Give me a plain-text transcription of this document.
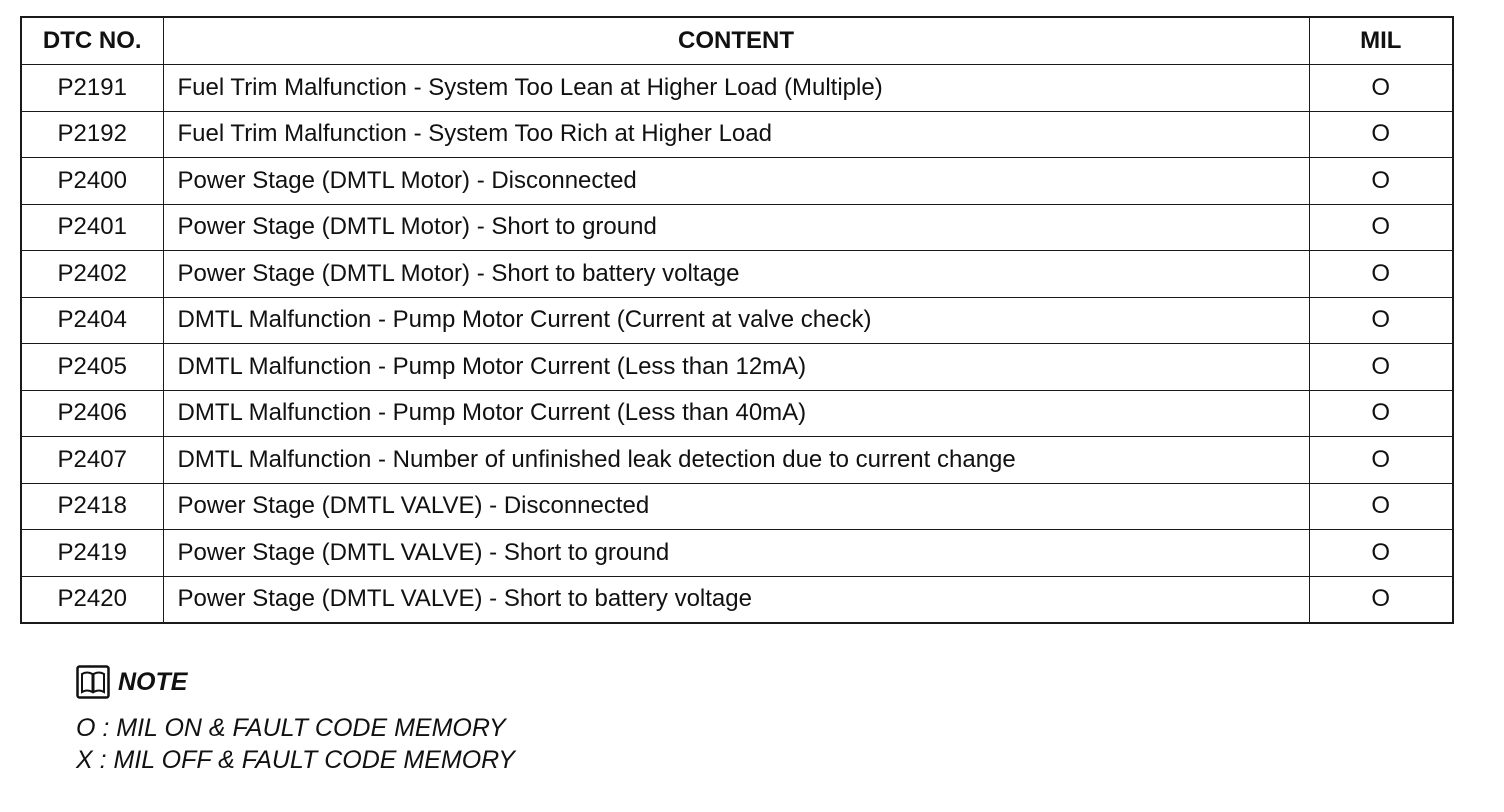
DTC NO.	CONTENT	MIL
P2191	Fuel Trim Malfunction - System Too Lean at Higher Load (Multiple)	O
P2192	Fuel Trim Malfunction - System Too Rich at Higher Load	O
P2400	Power Stage (DMTL Motor) - Disconnected	O
P2401	Power Stage (DMTL Motor) - Short to ground	O
P2402	Power Stage (DMTL Motor) - Short to battery voltage	O
P2404	DMTL Malfunction - Pump Motor Current (Current at valve check)	O
P2405	DMTL Malfunction - Pump Motor Current (Less than 12mA)	O
P2406	DMTL Malfunction - Pump Motor Current (Less than 40mA)	O
P2407	DMTL Malfunction - Number of unfinished leak detection due to current change	O
P2418	Power Stage (DMTL VALVE) - Disconnected	O
P2419	Power Stage (DMTL VALVE) - Short to ground	O
P2420	Power Stage (DMTL VALVE) - Short to battery voltage	O
NOTE
O : MIL ON & FAULT CODE MEMORY
X : MIL OFF & FAULT CODE MEMORY
